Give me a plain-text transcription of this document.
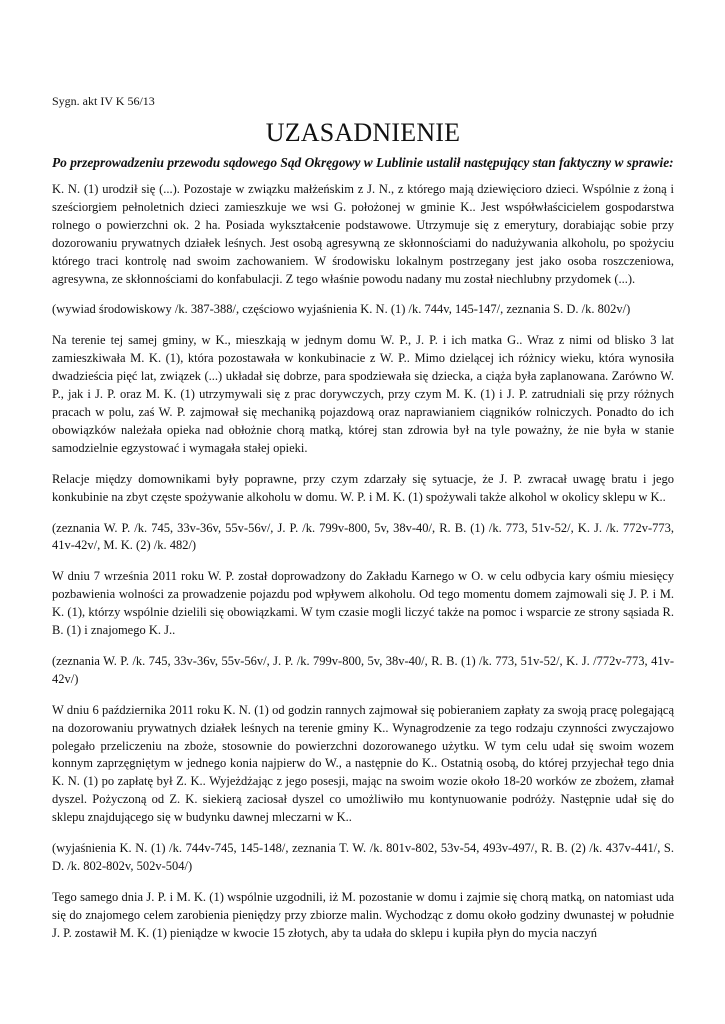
Sygn. akt IV K 56/13
UZASADNIENIE
Po przeprowadzeniu przewodu sądowego Sąd Okręgowy w Lublinie ustalił następujący stan faktyczny w sprawie:

K. N. (1) urodził się (...). Pozostaje w związku małżeńskim z J. N., z którego mają dziewięcioro dzieci. Wspólnie z żoną i sześciorgiem pełnoletnich dzieci zamieszkuje we wsi G. położonej w gminie K.. Jest współwłaścicielem gospodarstwa rolnego o powierzchni ok. 2 ha. Posiada wykształcenie podstawowe. Utrzymuje się z emerytury, dorabiając sobie przy dozorowaniu prywatnych działek leśnych. Jest osobą agresywną ze skłonnościami do nadużywania alkoholu, po spożyciu którego traci kontrolę nad swoim zachowaniem. W środowisku lokalnym postrzegany jest jako osoba roszczeniowa, agresywna, ze skłonnościami do konfabulacji. Z tego właśnie powodu nadany mu został niechlubny przydomek (...).

(wywiad środowiskowy /k. 387-388/, częściowo wyjaśnienia K. N. (1) /k. 744v, 145-147/, zeznania S. D. /k. 802v/)

Na terenie tej samej gminy, w K., mieszkają w jednym domu W. P., J. P. i ich matka G.. Wraz z nimi od blisko 3 lat zamieszkiwała M. K. (1), która pozostawała w konkubinacie z W. P.. Mimo dzielącej ich różnicy wieku, która wynosiła dwadzieścia pięć lat, związek (...) układał się dobrze, para spodziewała się dziecka, a ciąża była zaplanowana. Zarówno W. P., jak i J. P. oraz M. K. (1) utrzymywali się z prac dorywczych, przy czym M. K. (1) i J. P. zatrudniali się przy różnych pracach w polu, zaś W. P. zajmował się mechaniką pojazdową oraz naprawianiem ciągników rolniczych. Ponadto do ich obowiązków należała opieka nad obłożnie chorą matką, której stan zdrowia był na tyle poważny, że nie była w stanie samodzielnie egzystować i wymagała stałej opieki.

Relacje między domownikami były poprawne, przy czym zdarzały się sytuacje, że J. P. zwracał uwagę bratu i jego konkubinie na zbyt częste spożywanie alkoholu w domu. W. P. i M. K. (1) spożywali także alkohol w okolicy sklepu w K..

(zeznania W. P. /k. 745, 33v-36v, 55v-56v/, J. P. /k. 799v-800, 5v, 38v-40/, R. B. (1) /k. 773, 51v-52/, K. J. /k. 772v-773, 41v-42v/, M. K. (2) /k. 482/)

W dniu 7 września 2011 roku W. P. został doprowadzony do Zakładu Karnego w O. w celu odbycia kary ośmiu miesięcy pozbawienia wolności za prowadzenie pojazdu pod wpływem alkoholu. Od tego momentu domem zajmowali się J. P. i M. K. (1), którzy wspólnie dzielili się obowiązkami. W tym czasie mogli liczyć także na pomoc i wsparcie ze strony sąsiada R. B. (1) i znajomego K. J..

(zeznania W. P. /k. 745, 33v-36v, 55v-56v/, J. P. /k. 799v-800, 5v, 38v-40/, R. B. (1) /k. 773, 51v-52/, K. J. /772v-773, 41v-42v/)

W dniu 6 października 2011 roku K. N. (1) od godzin rannych zajmował się pobieraniem zapłaty za swoją pracę polegającą na dozorowaniu prywatnych działek leśnych na terenie gminy K.. Wynagrodzenie za tego rodzaju czynności zwyczajowo polegało przeliczeniu na zboże, stosownie do powierzchni dozorowanego użytku. W tym celu udał się swoim wozem konnym zaprzęgniętym w jednego konia najpierw do W., a następnie do K.. Ostatnią osobą, do której przyjechał tego dnia K. N. (1) po zapłatę był Z. K.. Wyjeżdżając z jego posesji, mając na swoim wozie około 18-20 worków ze zbożem, złamał dyszel. Pożyczoną od Z. K. siekierą zaciosał dyszel co umożliwiło mu kontynuowanie podróży. Następnie udał się do sklepu znajdującego się w budynku dawnej mleczarni w K..

(wyjaśnienia K. N. (1) /k. 744v-745, 145-148/, zeznania T. W. /k. 801v-802, 53v-54, 493v-497/, R. B. (2) /k. 437v-441/, S. D. /k. 802-802v, 502v-504/)

Tego samego dnia J. P. i M. K. (1) wspólnie uzgodnili, iż M. pozostanie w domu i zajmie się chorą matką, on natomiast uda się do znajomego celem zarobienia pieniędzy przy zbiorze malin. Wychodząc z domu około godziny dwunastej w południe J. P. zostawił M. K. (1) pieniądze w kwocie 15 złotych, aby ta udała do sklepu i kupiła płyn do mycia naczyń
